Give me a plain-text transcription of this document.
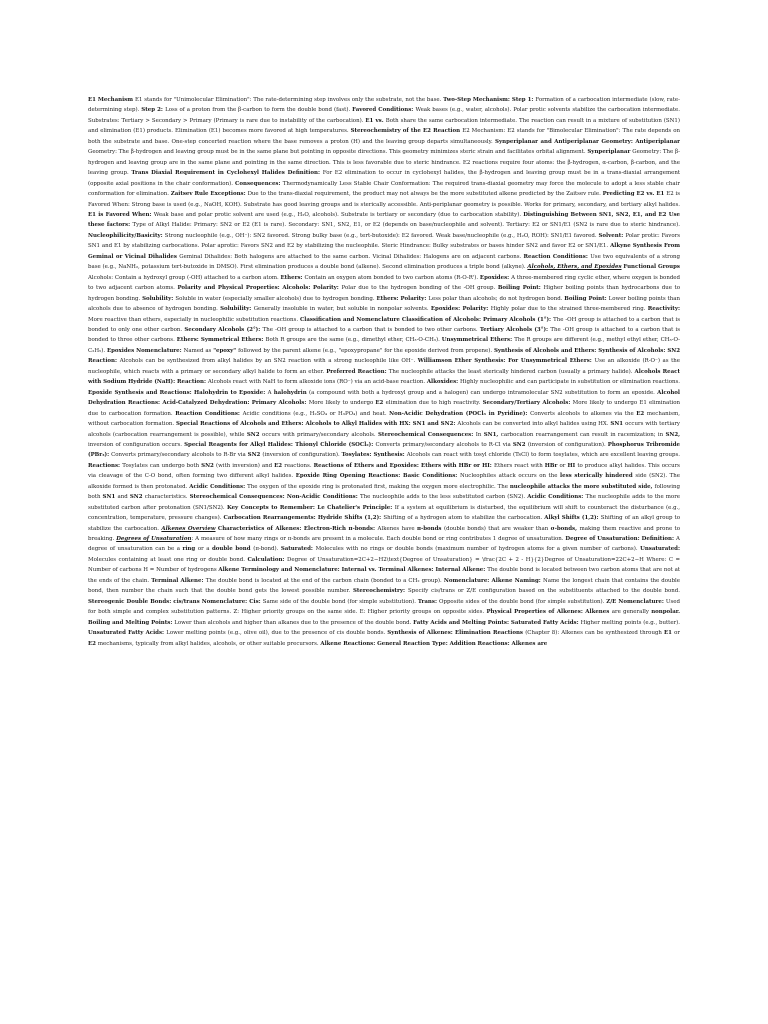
E1 Mechanism E1 stands for "Unimolecular Elimination": The rate-determining step involves only the substrate, not the base. Two-Step Mechanism: Step 1: Formation of a carbocation intermediate (slow, rate-determining step). Step 2: Loss of a proton from the β-carbon to form the double bond (fast). Favored Conditions: Weak bases (e.g., water, alcohols). Polar protic solvents stabilize the carbocation intermediate. Substrates: Tertiary > Secondary > Primary (Primary is rare due to instability of the carbocation). E1 vs. Both share the same carbocation intermediate. The reaction can result in a mixture of substitution (SN1) and elimination (E1) products. Elimination (E1) becomes more favored at high temperatures. Stereochemistry of the E2 Reaction E2 Mechanism: E2 stands for "Bimolecular Elimination": The rate depends on both the substrate and base. One-step concerted reaction where the base removes a proton (H) and the leaving group departs simultaneously. Synperiplanar and Antiperiplanar Geometry: Antiperiplanar Geometry: The β-hydrogen and leaving group must be in the same plane but pointing in opposite directions. This geometry minimizes steric strain and facilitates orbital alignment. Synperiplanar Geometry: The β-hydrogen and leaving group are in the same plane and pointing in the same direction. This is less favorable due to steric hindrance. E2 reactions require four atoms: the β-hydrogen, α-carbon, β-carbon, and the leaving group. Trans Diaxial Requirement in Cyclohexyl Halides Definition: For E2 elimination to occur in cyclohexyl halides, the β-hydrogen and leaving group must be in a trans-diaxial arrangement (opposite axial positions in the chair conformation). Consequences: Thermodynamically Less Stable Chair Conformation: The required trans-diaxial geometry may force the molecule to adopt a less stable chair conformation for elimination. Zaitsev Rule Exceptions: Due to the trans-diaxial requirement, the product may not always be the more substituted alkene predicted by the Zaitsev rule. Predicting E2 vs. E1 E2 is Favored When: Strong base is used (e.g., NaOH, KOH). Substrate has good leaving groups and is sterically accessible. Anti-periplanar geometry is possible. Works for primary, secondary, and tertiary alkyl halides. E1 is Favored When: Weak base and polar protic solvent are used (e.g., H₂O, alcohols). Substrate is tertiary or secondary (due to carbocation stability). Distinguishing Between SN1, SN2, E1, and E2 Use these factors: Type of Alkyl Halide: Primary: SN2 or E2 (E1 is rare). Secondary: SN1, SN2, E1, or E2 (depends on base/nucleophile and solvent). Tertiary: E2 or SN1/E1 (SN2 is rare due to steric hindrance). Nucleophilicity/Basicity: Strong nucleophile (e.g., OH⁻): SN2 favored. Strong bulky base (e.g., tert-butoxide): E2 favored. Weak base/nucleophile (e.g., H₂O, ROH): SN1/E1 favored. Solvent: Polar protic: Favors SN1 and E1 by stabilizing carbocations. Polar aprotic: Favors SN2 and E2 by stabilizing the nucleophile. Steric Hindrance: Bulky substrates or bases hinder SN2 and favor E2 or SN1/E1. Alkyne Synthesis From Geminal or Vicinal Dihalides Geminal Dihalides: Both halogens are attached to the same carbon. Vicinal Dihalides: Halogens are on adjacent carbons. Reaction Conditions: Use two equivalents of a strong base (e.g., NaNH₂, potassium tert-butoxide in DMSO). First elimination produces a double bond (alkene). Second elimination produces a triple bond (alkyne). Alcohols, Ethers, and Epoxides Functional Groups Alcohols: Contain a hydroxyl group (-OH) attached to a carbon atom. Ethers: Contain an oxygen atom bonded to two carbon atoms (R-O-R'). Epoxides: A three-membered ring cyclic ether, where oxygen is bonded to two adjacent carbon atoms. Polarity and Physical Properties: Alcohols: Polarity: Polar due to the hydrogen bonding of the -OH group. Boiling Point: Higher boiling points than hydrocarbons due to hydrogen bonding. Solubility: Soluble in water (especially smaller alcohols) due to hydrogen bonding. Ethers: Polarity: Less polar than alcohols; do not hydrogen bond. Boiling Point: Lower boiling points than alcohols due to absence of hydrogen bonding. Solubility: Generally insoluble in water, but soluble in nonpolar solvents. Epoxides: Polarity: Highly polar due to the strained three-membered ring. Reactivity: More reactive than ethers, especially in nucleophilic substitution reactions. Classification and Nomenclature Classification of Alcohols: Primary Alcohols (1°): The -OH group is attached to a carbon that is bonded to only one other carbon. Secondary Alcohols (2°): The -OH group is attached to a carbon that is bonded to two other carbons. Tertiary Alcohols (3°): The -OH group is attached to a carbon that is bonded to three other carbons. Ethers: Symmetrical Ethers: Both R groups are the same (e.g., dimethyl ether, CH₃-O-CH₃). Unsymmetrical Ethers: The R groups are different (e.g., methyl ethyl ether, CH₃-O-C₂H₅). Epoxides Nomenclature: Named as "epoxy" followed by the parent alkene (e.g., "epoxypropane" for the epoxide derived from propene). Synthesis of Alcohols and Ethers: Synthesis of Alcohols: SN2 Reaction: Alcohols can be synthesized from alkyl halides by an SN2 reaction with a strong nucleophile like OH⁻. Williamson Ether Synthesis: For Unsymmetrical Ethers: Use an alkoxide (R-O⁻) as the nucleophile, which reacts with a primary or secondary alkyl halide to form an ether. Preferred Reaction: The nucleophile attacks the least sterically hindered carbon (usually a primary halide). Alcohols React with Sodium Hydride (NaH): Reaction: Alcohols react with NaH to form alkoxide ions (RO⁻) via an acid-base reaction. Alkoxides: Highly nucleophilic and can participate in substitution or elimination reactions. Epoxide Synthesis and Reactions: Halohydrin to Epoxide: A halohydrin (a compound with both a hydroxyl group and a halogen) can undergo intramolecular SN2 substitution to form an epoxide. Alcohol Dehydration Reactions: Acid-Catalyzed Dehydration: Primary Alcohols: More likely to undergo E2 elimination due to high reactivity. Secondary/Tertiary Alcohols: More likely to undergo E1 elimination due to carbocation formation. Reaction Conditions: Acidic conditions (e.g., H₂SO₄ or H₃PO₄) and heat. Non-Acidic Dehydration (POCl₃ in Pyridine): Converts alcohols to alkenes via the E2 mechanism, without carbocation formation. Special Reactions of Alcohols and Ethers: Alcohols to Alkyl Halides with HX: SN1 and SN2: Alcohols can be converted into alkyl halides using HX. SN1 occurs with tertiary alcohols (carbocation rearrangement is possible), while SN2 occurs with primary/secondary alcohols. Stereochemical Consequences: In SN1, carbocation rearrangement can result in racemization; in SN2, inversion of configuration occurs. Special Reagents for Alkyl Halides: Thionyl Chloride (SOCl₂): Converts primary/secondary alcohols to R-Cl via SN2 (inversion of configuration). Phosphorus Tribromide (PBr₃): Converts primary/secondary alcohols to R-Br via SN2 (inversion of configuration). Tosylates: Synthesis: Alcohols can react with tosyl chloride (TsCl) to form tosylates, which are excellent leaving groups. Reactions: Tosylates can undergo both SN2 (with inversion) and E2 reactions. Reactions of Ethers and Epoxides: Ethers with HBr or HI: Ethers react with HBr or HI to produce alkyl halides. This occurs via cleavage of the C-O bond, often forming two different alkyl halides. Epoxide Ring Opening Reactions: Basic Conditions: Nucleophiles attack occurs on the less sterically hindered side (SN2). The alkoxide formed is then protonated. Acidic Conditions: The oxygen of the epoxide ring is protonated first, making the oxygen more electrophilic. The nucleophile attacks the more substituted side, following both SN1 and SN2 characteristics. Stereochemical Consequences: Non-Acidic Conditions: The nucleophile adds to the less substituted carbon (SN2). Acidic Conditions: The nucleophile adds to the more substituted carbon after protonation (SN1/SN2). Key Concepts to Remember: Le Chatelier's Principle: If a system at equilibrium is disturbed, the equilibrium will shift to counteract the disturbance (e.g., concentration, temperature, pressure changes). Carbocation Rearrangements: Hydride Shifts (1,2): Shifting of a hydrogen atom to stabilize the carbocation. Alkyl Shifts (1,2): Shifting of an alkyl group to stabilize the carbocation. Alkenes Overview Characteristics of Alkenes: Electron-Rich π-bonds: Alkenes have π-bonds (double bonds) that are weaker than σ-bonds, making them reactive and prone to breaking. Degrees of Unsaturation: A measure of how many rings or π-bonds are present in a molecule. Each double bond or ring contributes 1 degree of unsaturation. Degree of Unsaturation: Definition: A degree of unsaturation can be a ring or a double bond (π-bond). Saturated: Molecules with no rings or double bonds (maximum number of hydrogen atoms for a given number of carbons). Unsaturated: Molecules containing at least one ring or double bond. Calculation: Degree of Unsaturation=2C+2−H2\text{Degree of Unsaturation} = \frac{2C + 2 - H}{2}Degree of Unsaturation=22C+2−H Where: C = Number of carbons H = Number of hydrogens Alkene Terminology and Nomenclature: Internal vs. Terminal Alkenes: Internal Alkene: The double bond is located between two carbon atoms that are not at the ends of the chain. Terminal Alkene: The double bond is located at the end of the carbon chain (bonded to a CH₂ group). Nomenclature: Alkene Naming: Name the longest chain that contains the double bond, then number the chain such that the double bond gets the lowest possible number. Stereochemistry: Specify cis/trans or Z/E configuration based on the substituents attached to the double bond. Stereogenic Double Bonds: cis/trans Nomenclature: Cis: Same side of the double bond (for simple substitution). Trans: Opposite sides of the double bond (for simple substitution). Z/E Nomenclature: Used for both simple and complex substitution patterns. Z: Higher priority groups on the same side. E: Higher priority groups on opposite sides. Physical Properties of Alkenes: Alkenes are generally nonpolar. Boiling and Melting Points: Lower than alcohols and higher than alkanes due to the presence of the double bond. Fatty Acids and Melting Points: Saturated Fatty Acids: Higher melting points (e.g., butter). Unsaturated Fatty Acids: Lower melting points (e.g., olive oil), due to the presence of cis double bonds. Synthesis of Alkenes: Elimination Reactions (Chapter 8): Alkenes can be synthesized through E1 or E2 mechanisms, typically from alkyl halides, alcohols, or other suitable precursors. Alkene Reactions: General Reaction Type: Addition Reactions: Alkenes are
